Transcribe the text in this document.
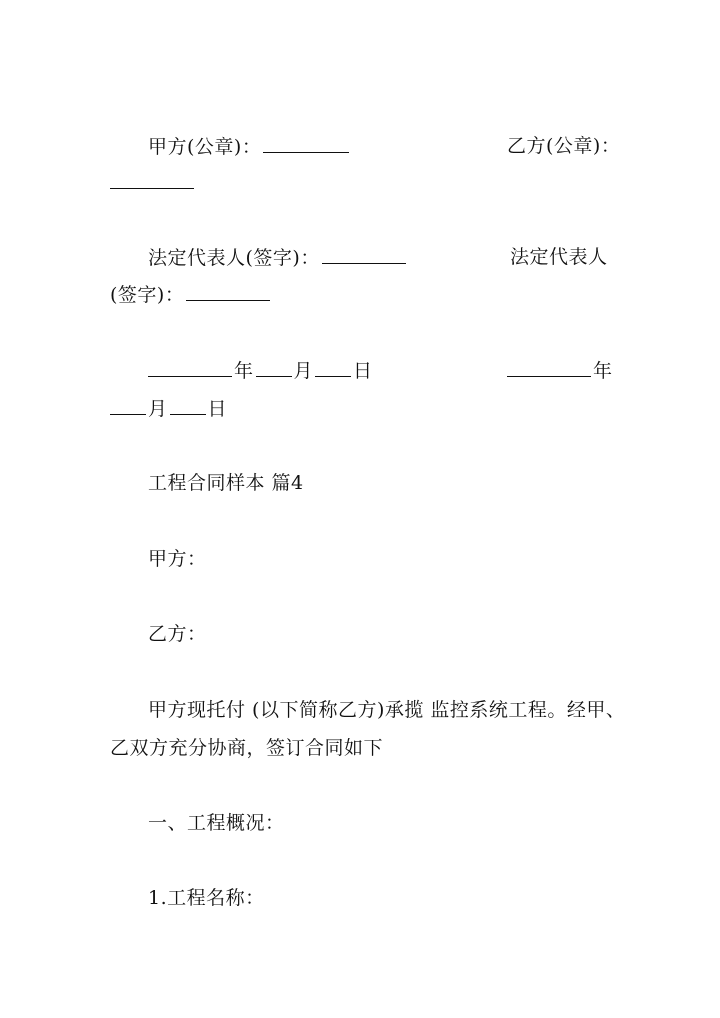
甲方(公章)：	乙方(公章)：
法定代表人(签字)：	法定代表人
(签字)：
年 月 日	年
月 日
工程合同样本 篇4
甲方：
乙方：
甲方现托付 (以下简称乙方)承揽 监控系统工程。经甲、
乙双方充分协商，签订合同如下
一、工程概况：
1.工程名称：
